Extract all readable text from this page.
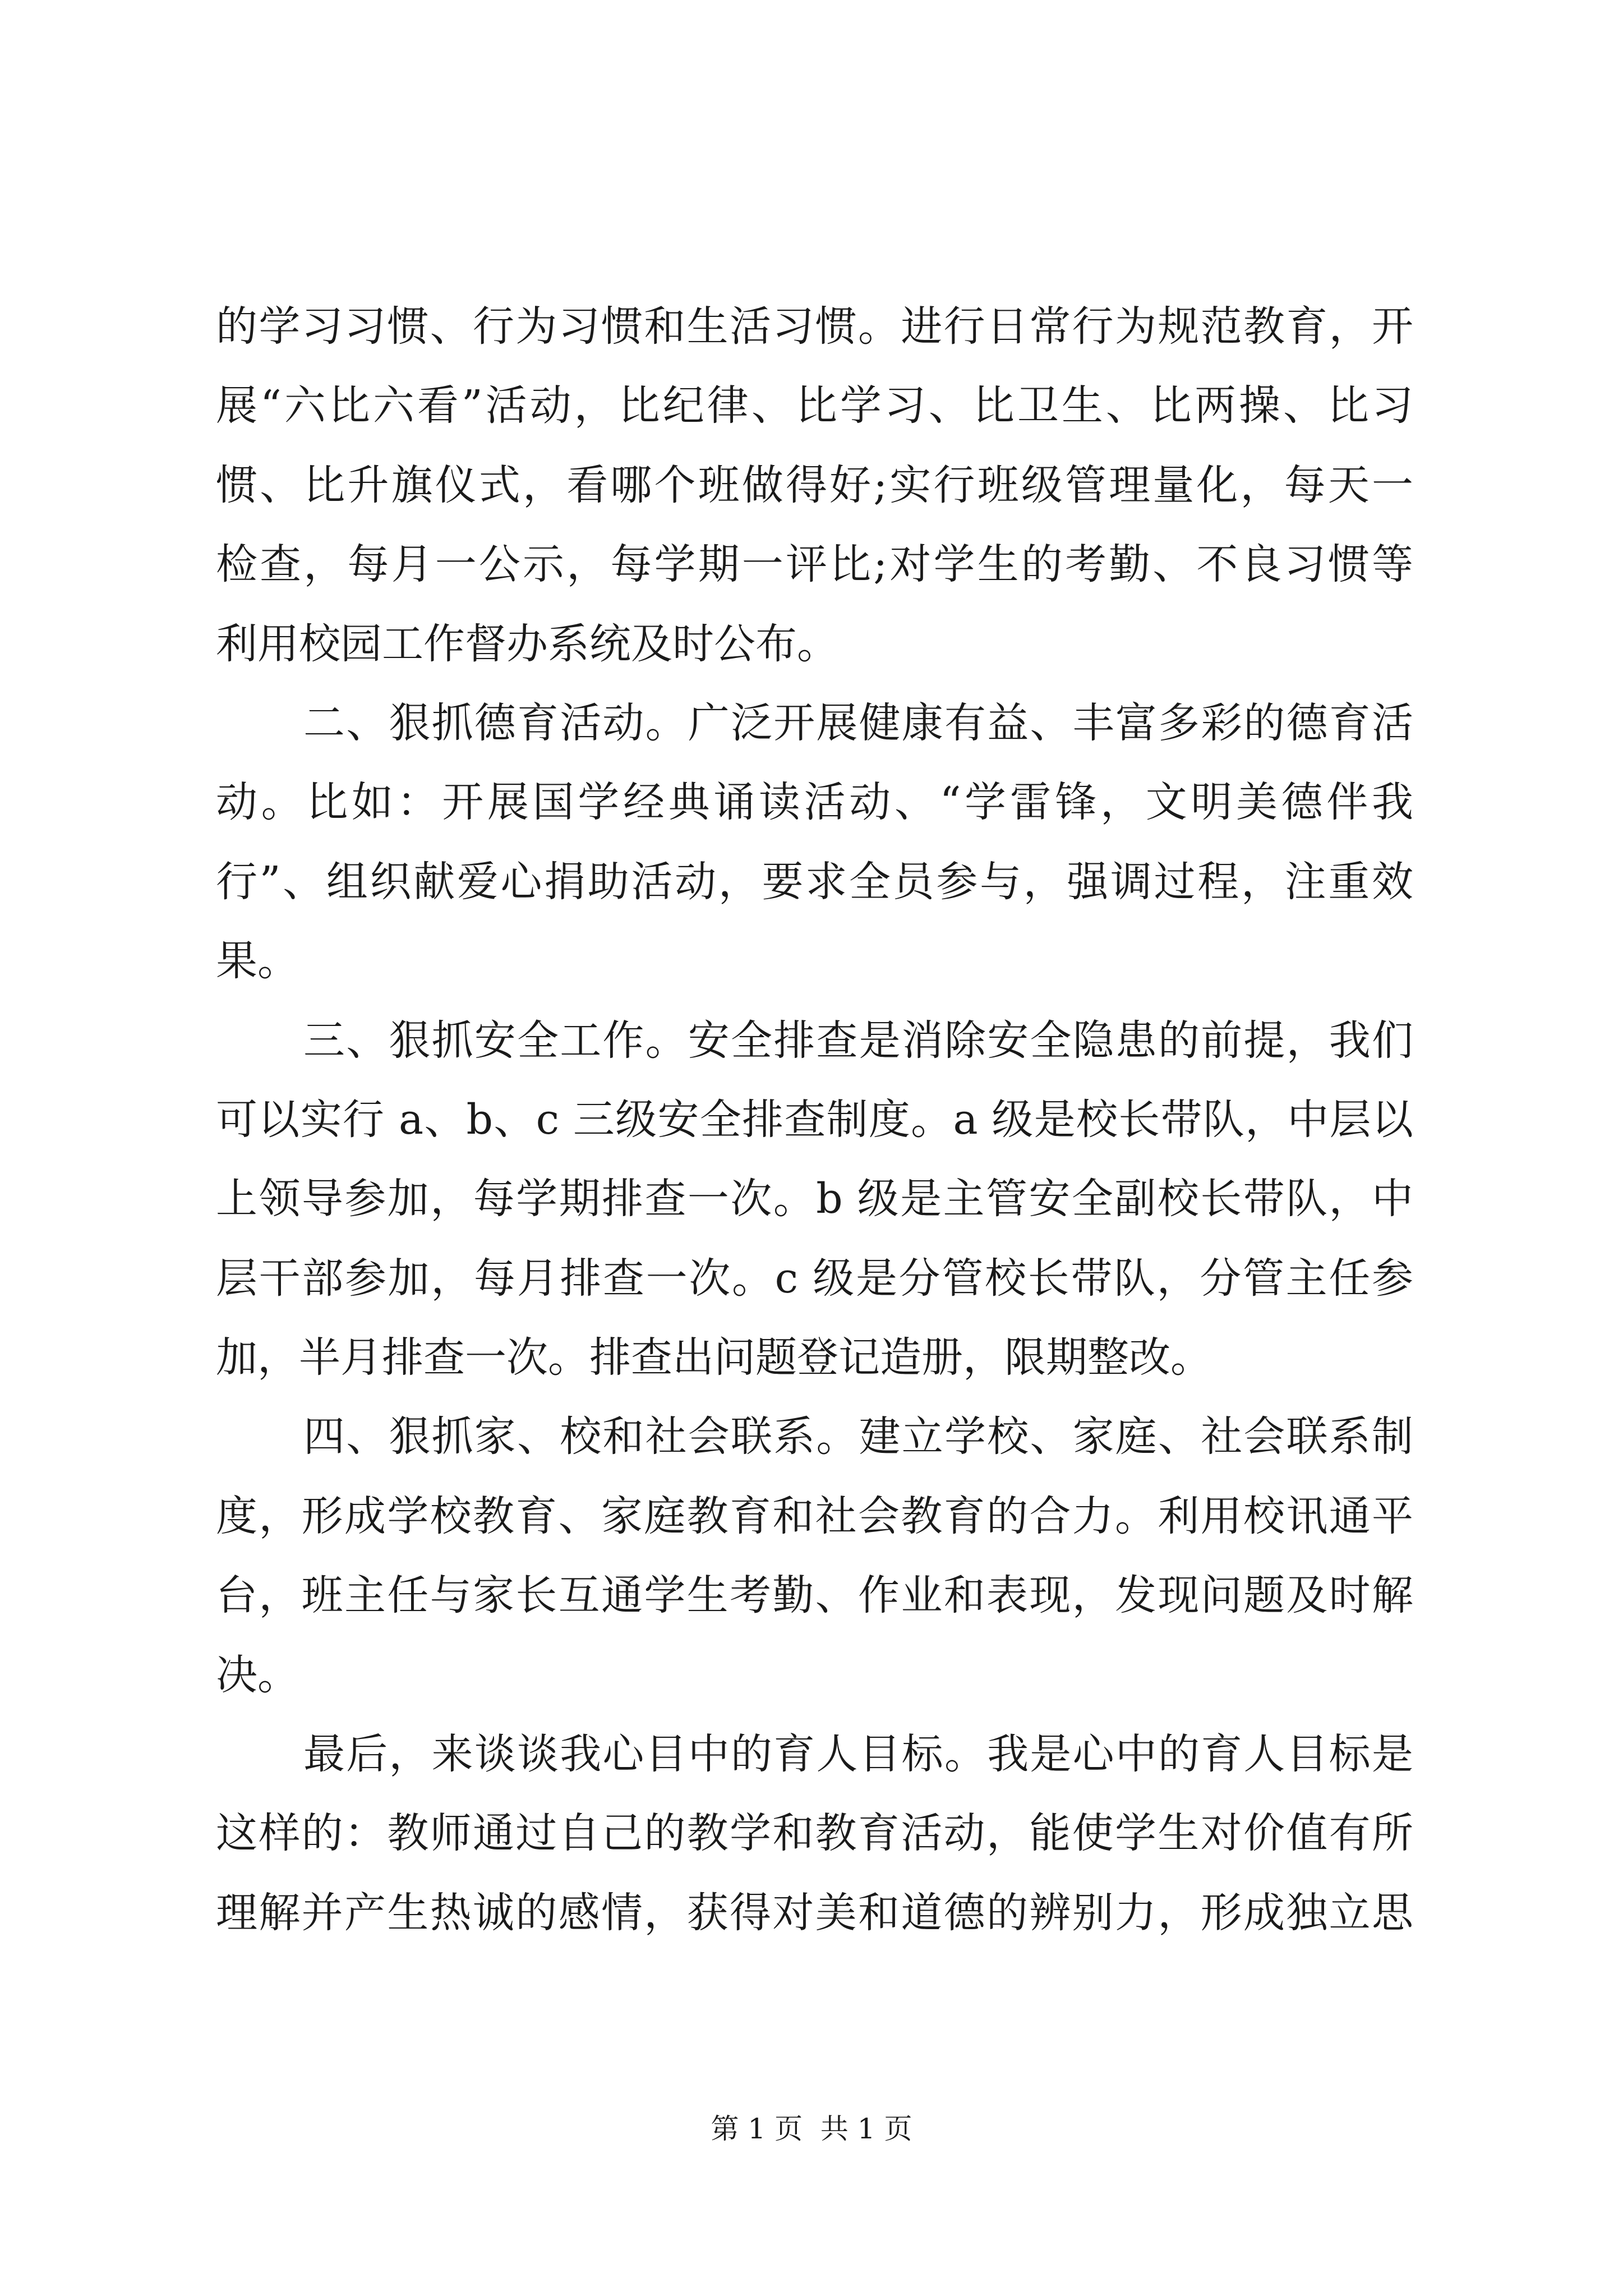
的学习习惯、行为习惯和生活习惯。进行日常行为规范教育，开
展“六比六看”活动，比纪律、比学习、比卫生、比两操、比习
惯、比升旗仪式，看哪个班做得好;实行班级管理量化，每天一
检查，每月一公示，每学期一评比;对学生的考勤、不良习惯等
利用校园工作督办系统及时公布。
二、狠抓德育活动。广泛开展健康有益、丰富多彩的德育活
动。比如：开展国学经典诵读活动、“学雷锋，文明美德伴我
行”、组织献爱心捐助活动，要求全员参与，强调过程，注重效
果。
三、狠抓安全工作。安全排查是消除安全隐患的前提，我们
可以实行 a、b、c 三级安全排查制度。a 级是校长带队，中层以
上领导参加，每学期排查一次。b 级是主管安全副校长带队，中
层干部参加，每月排查一次。c 级是分管校长带队，分管主任参
加，半月排查一次。排查出问题登记造册，限期整改。
四、狠抓家、校和社会联系。建立学校、家庭、社会联系制
度，形成学校教育、家庭教育和社会教育的合力。利用校讯通平
台，班主任与家长互通学生考勤、作业和表现，发现问题及时解
决。
最后，来谈谈我心目中的育人目标。我是心中的育人目标是
这样的：教师通过自己的教学和教育活动，能使学生对价值有所
理解并产生热诚的感情，获得对美和道德的辨别力，形成独立思
第 1 页  共 1 页
